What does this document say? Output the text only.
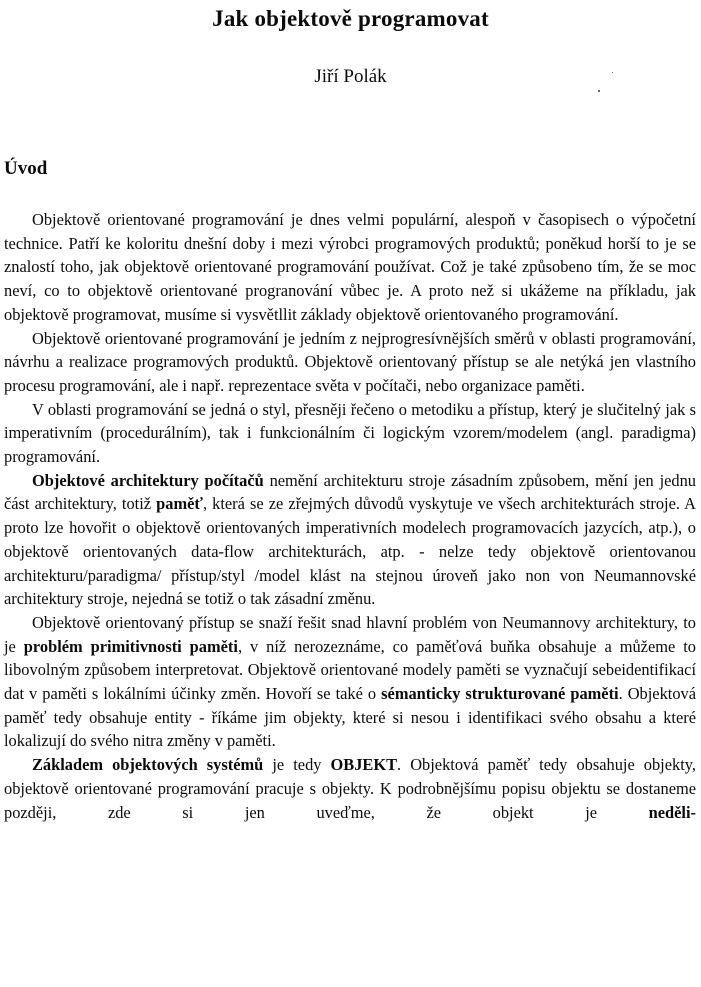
Jak objektově programovat
Jiří Polák
Úvod

Objektově orientované programování je dnes velmi populární, alespoň v časopisech o výpočetní technice. Patří ke koloritu dnešní doby i mezi výrobci programových produktů; poněkud horší to je se znalostí toho, jak objektově orientované programování používat. Což je také způsobeno tím, že se moc neví, co to objektově orientované progranování vůbec je. A proto než si ukážeme na příkladu, jak objektově programovat, musíme si vysvětllit základy objektově orientovaného programování.

Objektově orientované programování je jedním z nejprogresívnějších směrů v oblasti programování, návrhu a realizace programových produktů. Objektově orientovaný přístup se ale netýká jen vlastního procesu programování, ale i např. reprezentace světa v počítači, nebo organizace paměti.

V oblasti programování se jedná o styl, přesněji řečeno o metodiku a přístup, který je slučitelný jak s imperativním (procedurálním), tak i funkcionálním či logickým vzorem/modelem (angl. paradigma) programování.

Objektové architektury počítačů nemění architekturu stroje zásadním způsobem, mění jen jednu část architektury, totiž paměť, která se ze zřejmých důvodů vyskytuje ve všech architekturách stroje. A proto lze hovořit o objektově orientovaných imperativních modelech programovacích jazycích, atp.), o objektově orientovaných data-flow architekturách, atp. - nelze tedy objektově orientovanou architekturu/paradigma/ přístup/styl /model klást na stejnou úroveň jako non von Neumannovské architektury stroje, nejedná se totiž o tak zásadní změnu.

Objektově orientovaný přístup se snaží řešit snad hlavní problém von Neumannovy architektury, to je problém primitivnosti paměti, v níž nerozeznáme, co paměťová buňka obsahuje a můžeme to libovolným způsobem interpretovat. Objektově orientované modely paměti se vyznačují sebeidentifikací dat v paměti s lokálními účinky změn. Hovoří se také o sémanticky strukturované paměti. Objektová paměť tedy obsahuje entity - říkáme jim objekty, které si nesou i identifikaci svého obsahu a které lokalizují do svého nitra změny v paměti.

Základem objektových systémů je tedy OBJEKT. Objektová paměť tedy obsahuje objekty, objektově orientované programování pracuje s objekty. K podrobnějšímu popisu objektu se dostaneme později, zde si jen uveďme, že objekt je neděli-
